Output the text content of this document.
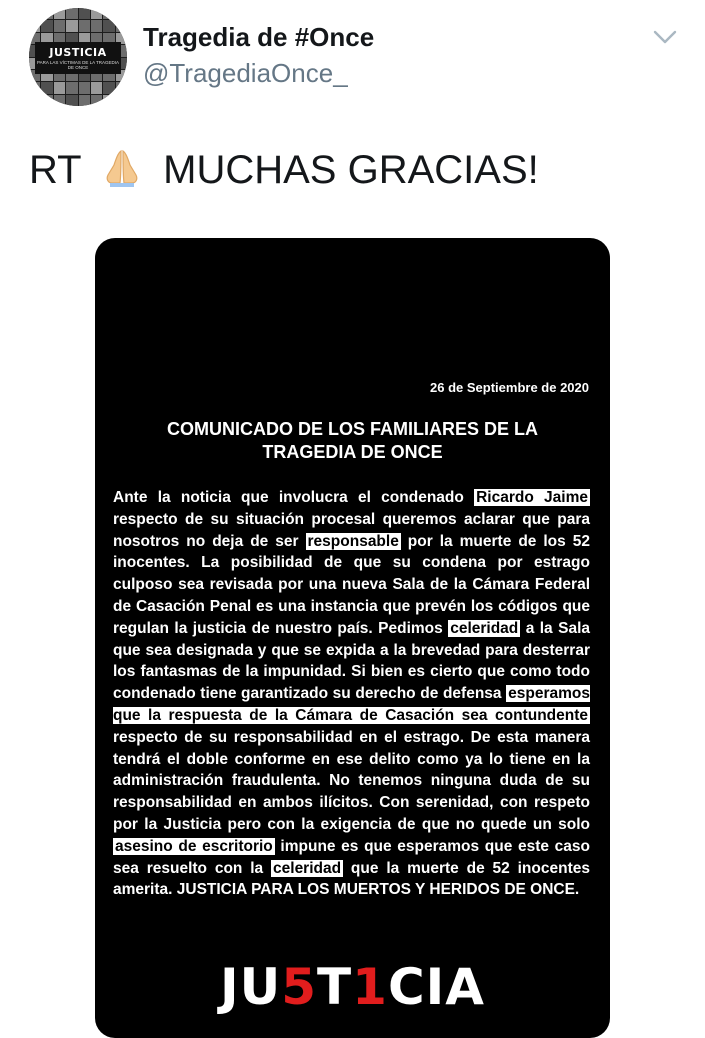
JUSTICIA
PARA LAS VÍCTIMAS DE LA TRAGEDIA DE ONCE
Tragedia de #Once
@TragediaOnce_
RT MUCHAS GRACIAS!
26 de Septiembre de 2020
COMUNICADO DE LOS FAMILIARES DE LA
TRAGEDIA DE ONCE
Ante la noticia que involucra el condenado Ricardo Jaime respecto de su situación procesal queremos aclarar que para nosotros no deja de ser responsable por la muerte de los 52 inocentes. La posibilidad de que su condena por estrago culposo sea revisada por una nueva Sala de la Cámara Federal de Casación Penal es una instancia que prevén los códigos que regulan la justicia de nuestro país. Pedimos celeridad a la Sala que sea designada y que se expida a la brevedad para desterrar los fantasmas de la impunidad. Si bien es cierto que como todo condenado tiene garantizado su derecho de defensa esperamos que la respuesta de la Cámara de Casación sea contundente respecto de su responsabilidad en el estrago. De esta manera tendrá el doble conforme en ese delito como ya lo tiene en la administración fraudulenta. No tenemos ninguna duda de su responsabilidad en ambos ilícitos. Con serenidad, con respeto por la Justicia pero con la exigencia de que no quede un solo asesino de escritorio impune es que esperamos que este caso sea resuelto con la celeridad que la muerte de 52 inocentes amerita. JUSTICIA PARA LOS MUERTOS Y HERIDOS DE ONCE.
JU5T1CIA
